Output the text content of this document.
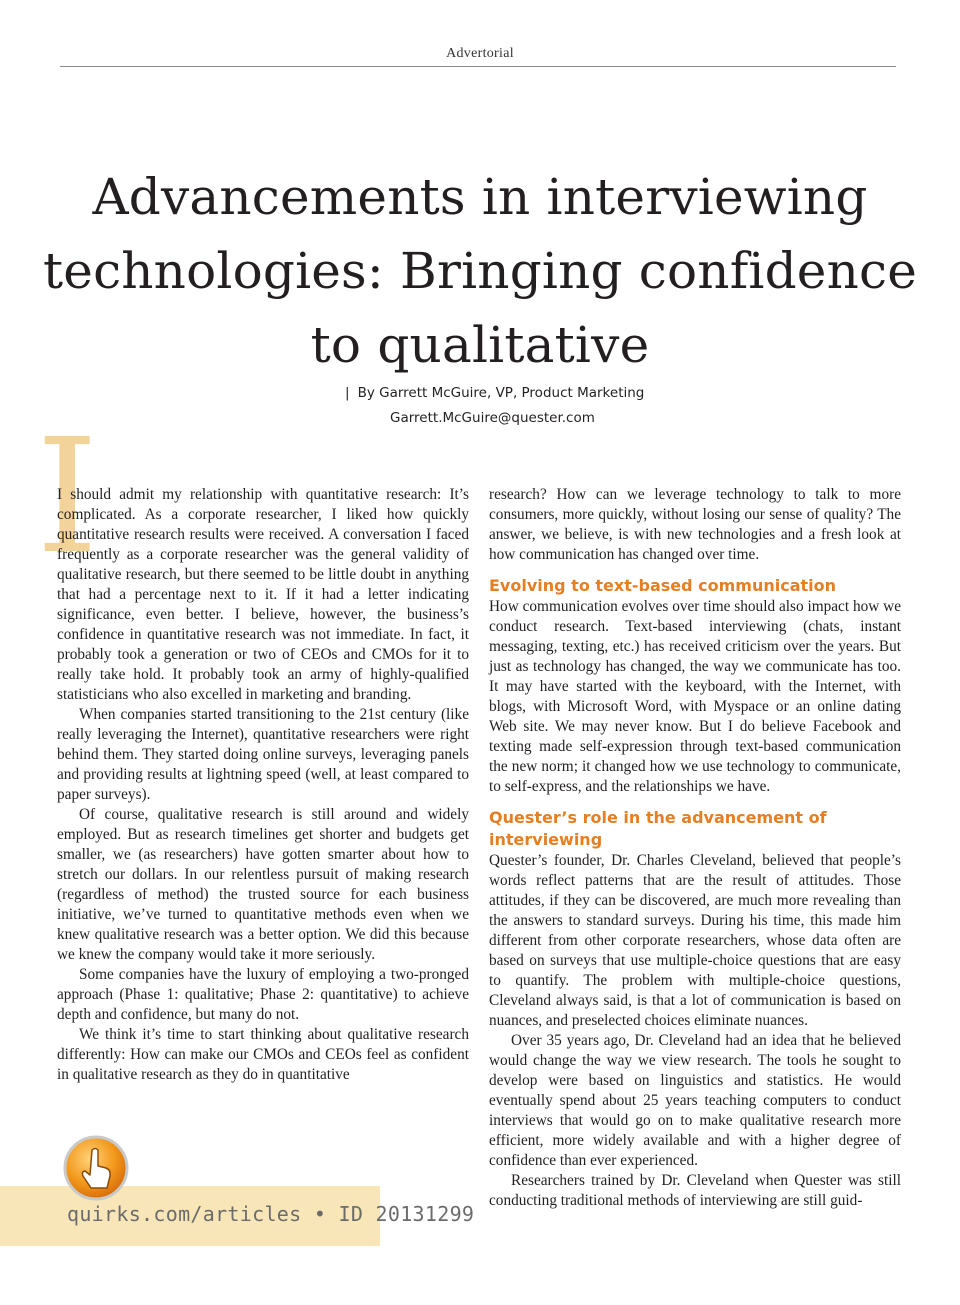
Advertorial
Advancements in interviewing
technologies: Bringing confidence
to qualitative
| By Garrett McGuire, VP, Product Marketing
Garrett.McGuire@quester.com
I

I should admit my relationship with quantitative research: It’s complicated. As a corporate researcher, I liked how quickly quantitative research results were received. A conversation I faced frequently as a corporate researcher was the general validity of qualitative research, but there seemed to be little doubt in anything that had a percentage next to it. If it had a letter indicating significance, even better. I believe, however, the business’s confidence in quantitative research was not immediate. In fact, it probably took a generation or two of CEOs and CMOs for it to really take hold. It probably took an army of highly-qualified statisticians who also excelled in marketing and branding.

When companies started transitioning to the 21st century (like really leveraging the Internet), quantitative researchers were right behind them. They started doing online surveys, leveraging panels and providing results at lightning speed (well, at least compared to paper surveys).

Of course, qualitative research is still around and widely employed. But as research timelines get shorter and budgets get smaller, we (as researchers) have gotten smarter about how to stretch our dollars. In our relentless pursuit of making research (regardless of method) the trusted source for each business initiative, we’ve turned to quantitative methods even when we knew qualitative research was a better option. We did this because we knew the company would take it more seriously.

Some companies have the luxury of employing a two-pronged approach (Phase 1: qualitative; Phase 2: quantitative) to achieve depth and confidence, but many do not.

We think it’s time to start thinking about qualitative research differently: How can make our CMOs and CEOs feel as confident in qualitative research as they do in quantitative

research? How can we leverage technology to talk to more consumers, more quickly, without losing our sense of quality? The answer, we believe, is with new technologies and a fresh look at how communication has changed over time.

Evolving to text-based communication

How communication evolves over time should also impact how we conduct research. Text-based interviewing (chats, instant messaging, texting, etc.) has received criticism over the years. But just as technology has changed, the way we communicate has too. It may have started with the keyboard, with the Internet, with blogs, with Microsoft Word, with Myspace or an online dating Web site. We may never know. But I do believe Facebook and texting made self-expression through text-based communication the new norm; it changed how we use technology to communicate, to self-express, and the relationships we have.

Quester’s role in the advancement of interviewing

Quester’s founder, Dr. Charles Cleveland, believed that people’s words reflect patterns that are the result of attitudes. Those attitudes, if they can be discovered, are much more revealing than the answers to standard surveys. During his time, this made him different from other corporate researchers, whose data often are based on surveys that use multiple-choice questions that are easy to quantify. The problem with multiple-choice questions, Cleveland always said, is that a lot of communication is based on nuances, and preselected choices eliminate nuances.

Over 35 years ago, Dr. Cleveland had an idea that he believed would change the way we view research. The tools he sought to develop were based on linguistics and statistics. He would eventually spend about 25 years teaching computers to conduct interviews that would go on to make qualitative research more efficient, more widely available and with a higher degree of confidence than ever experienced.

Researchers trained by Dr. Cleveland when Quester was still conducting traditional methods of interviewing are still guid-

quirks.com/articles • ID 20131299
